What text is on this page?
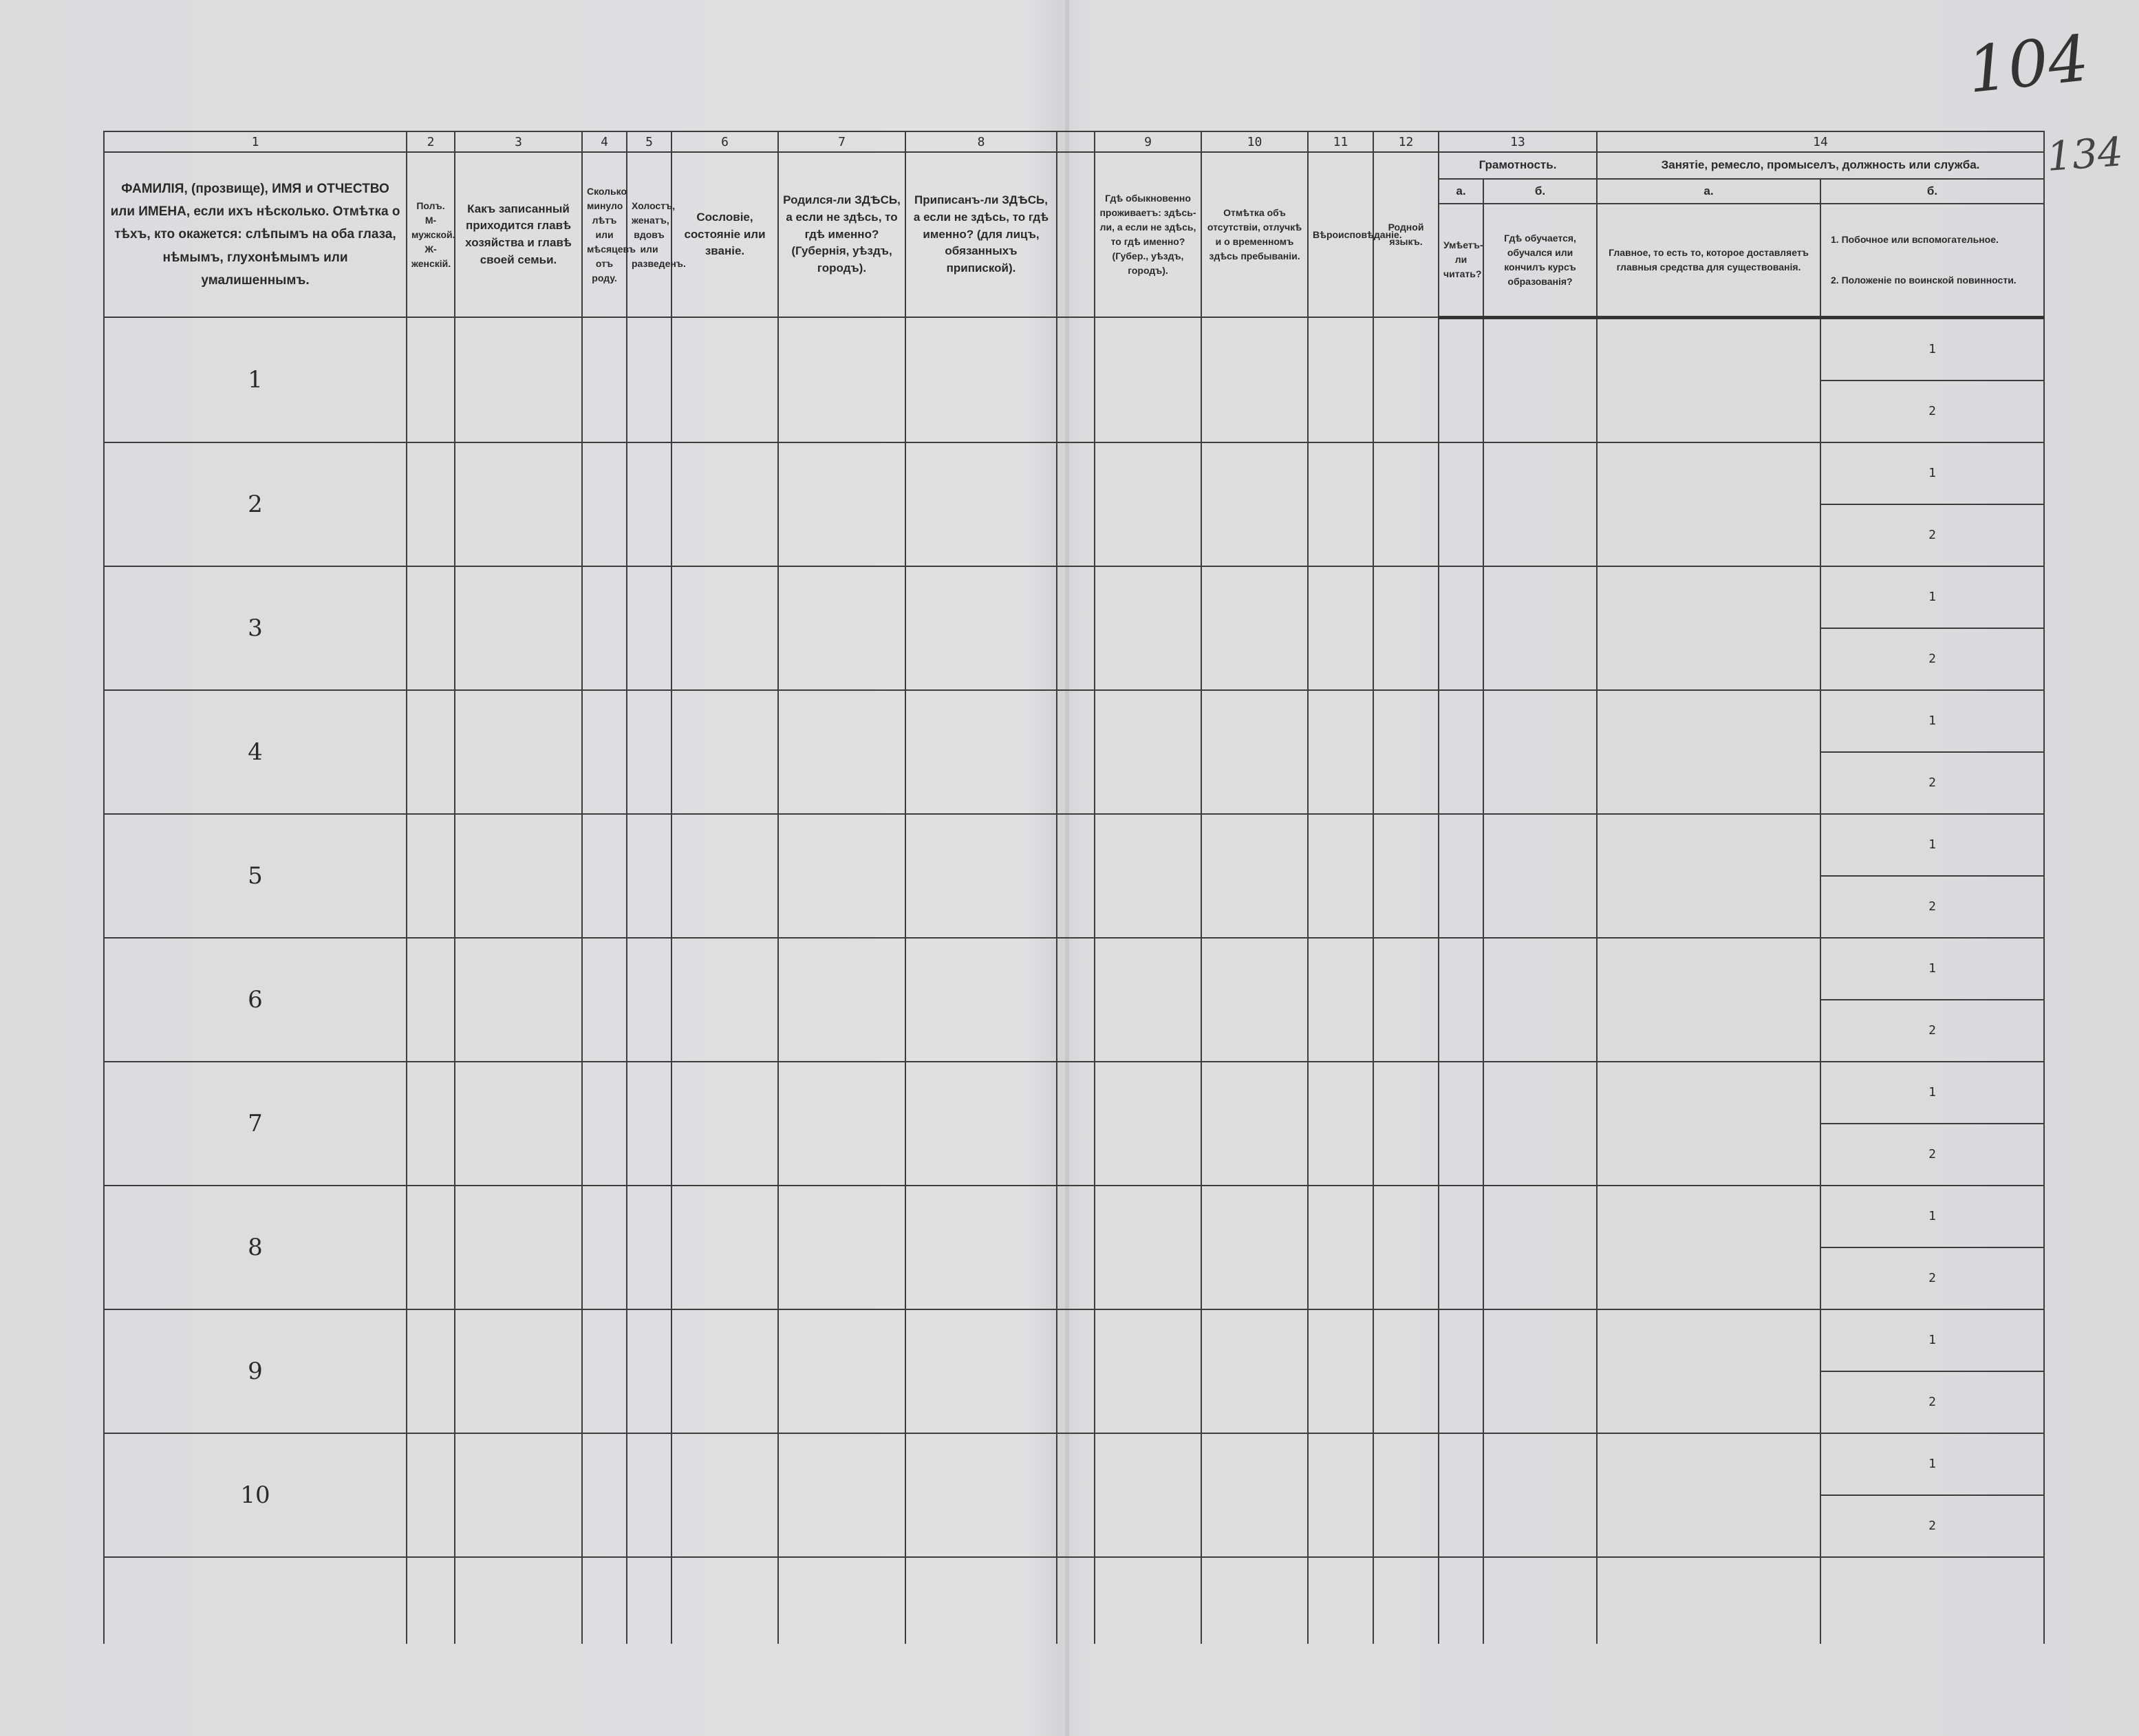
104
134
1	2	3	4	5	6	7	8		9	10	11	12	13		14	
ФАМИЛІЯ, (прозвище), ИМЯ и ОТЧЕСТВО или ИМЕНА, если ихъ нѣсколько. Отмѣтка о тѣхъ, кто окажется: слѣпымъ на оба глаза, нѣмымъ, глухонѣмымъ или умалишеннымъ.	Полъ. М-мужской. Ж-женскій.	Какъ записанный приходится главѣ хозяйства и главѣ своей семьи.	Сколько минуло лѣтъ или мѣсяцевъ отъ роду.	Холостъ, женатъ, вдовъ или разведенъ.	Сословіе, состояніе или званіе.	Родился-ли ЗДѢСЬ, а если не здѣсь, то гдѣ именно? (Губернія, уѣздъ, городъ).	Приписанъ-ли ЗДѢСЬ, а если не здѣсь, то гдѣ именно? (для лицъ, обязанныхъ припиской).		Гдѣ обыкновенно проживаетъ: здѣсь-ли, а если не здѣсь, то гдѣ именно? (Губер., уѣздъ, городъ).	Отмѣтка объ отсутствіи, отлучкѣ и о временномъ здѣсь пребываніи.	Вѣроисповѣданіе.	Родной языкъ.	Грамотность.		Занятіе, ремесло, промыселъ, должность или служба.	
													а.	б.	а.	б.
													Умѣетъ-ли читать?	Гдѣ обучается, обучался или кончилъ курсъ образованія?	Главное, то есть то, которое доставляетъ главныя средства для существованія.	1. Побочное или вспомогательное.
2. Положеніе по воинской повинности.

1																1
																2
2																1
																2
3																1
																2
4																1
																2
5																1
																2
6																1
																2
7																1
																2
8																1
																2
9																1
																2
10																1
																2
